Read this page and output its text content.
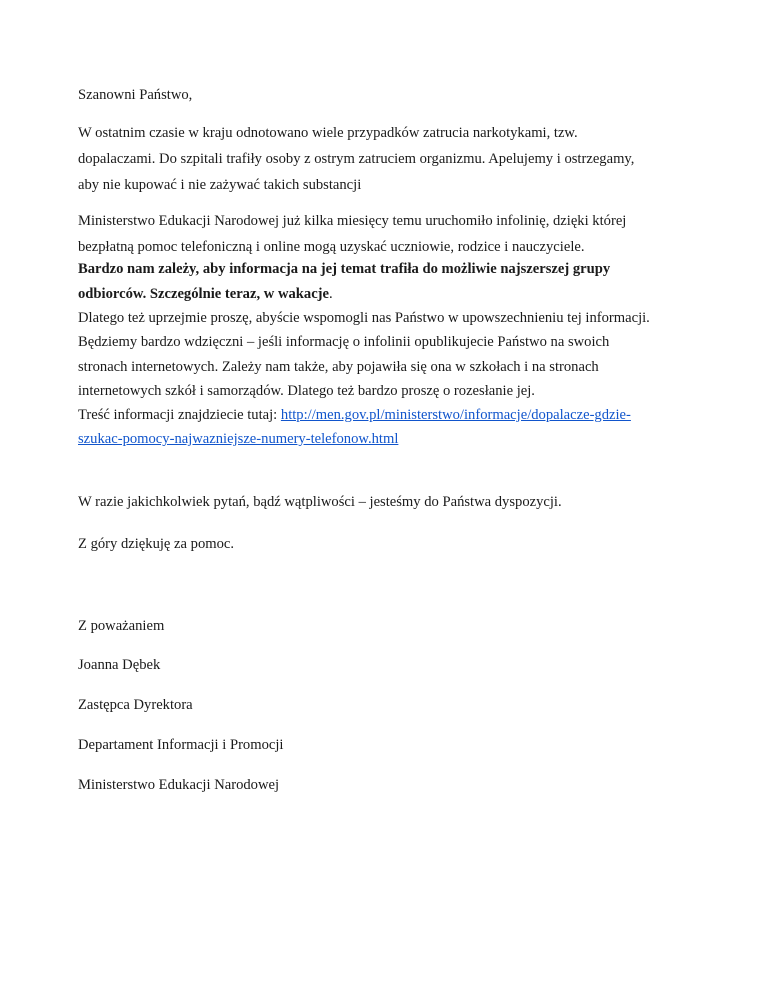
Szanowni Państwo,
W ostatnim czasie w kraju odnotowano wiele przypadków zatrucia narkotykami, tzw.
dopalaczami. Do szpitali trafiły osoby z ostrym zatruciem organizmu. Apelujemy i ostrzegamy,
aby nie kupować i nie zażywać takich substancji
Ministerstwo Edukacji Narodowej już kilka miesięcy temu uruchomiło infolinię, dzięki której
bezpłatną pomoc telefoniczną i online mogą uzyskać uczniowie, rodzice i nauczyciele.
Bardzo nam zależy, aby informacja na jej temat trafiła do możliwie najszerszej grupy
odbiorców. Szczególnie teraz, w wakacje.
Dlatego też uprzejmie proszę, abyście wspomogli nas Państwo w upowszechnieniu tej informacji.
Będziemy bardzo wdzięczni – jeśli informację o infolinii opublikujecie Państwo na swoich
stronach internetowych. Zależy nam także, aby pojawiła się ona w szkołach i na stronach
internetowych szkół i samorządów. Dlatego też bardzo proszę o rozesłanie jej.
Treść informacji znajdziecie tutaj: http://men.gov.pl/ministerstwo/informacje/dopalacze-gdzie-
szukac-pomocy-najwazniejsze-numery-telefonow.html
W razie jakichkolwiek pytań, bądź wątpliwości – jesteśmy do Państwa dyspozycji.
Z góry dziękuję za pomoc.
Z poważaniem
Joanna Dębek
Zastępca Dyrektora
Departament Informacji i Promocji
Ministerstwo Edukacji Narodowej
